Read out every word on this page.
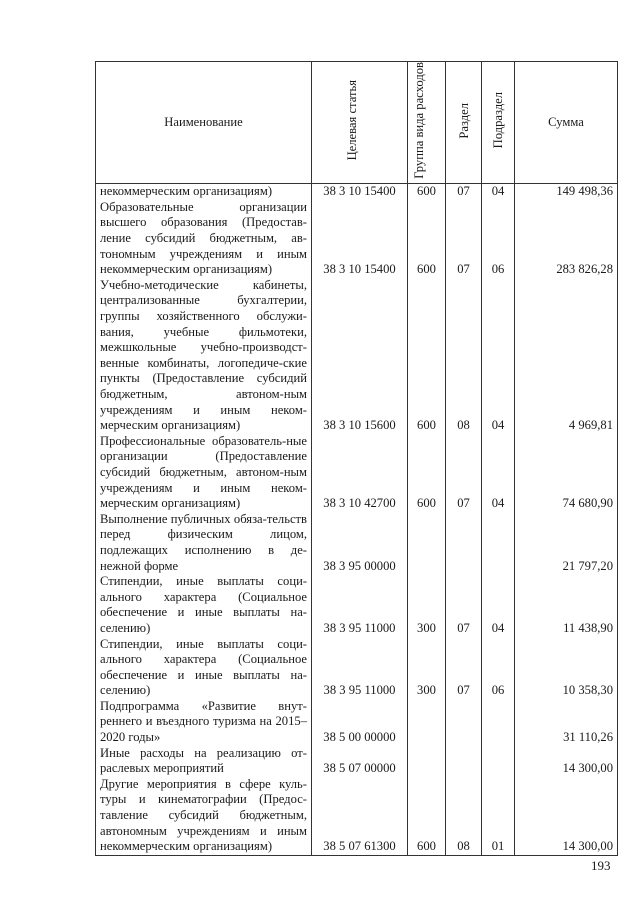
Наименование	Целевая статья	Группа вида расходов	Раздел	Подраздел	Сумма
некоммерческим организациям)	38 3 10 15400	600	07	04	149 498,36
Образовательные организации высшего образования (Предостав-ление субсидий бюджетным, ав-тономным учреждениям и иным некоммерческим организациям)	38 3 10 15400	600	07	06	283 826,28
Учебно-методические кабинеты, централизованные бухгалтерии, группы хозяйственного обслужи-вания, учебные фильмотеки, межшкольные учебно-производст-венные комбинаты, логопедиче-ские пункты (Предоставление субсидий бюджетным, автоном-ным учреждениям и иным неком-мерческим организациям)	38 3 10 15600	600	08	04	4 969,81
Профессиональные образователь-ные организации (Предоставление субсидий бюджетным, автоном-ным учреждениям и иным неком-мерческим организациям)	38 3 10 42700	600	07	04	74 680,90
Выполнение публичных обяза-тельств перед физическим лицом, подлежащих исполнению в де-нежной форме	38 3 95 00000				21 797,20
Стипендии, иные выплаты соци-ального характера (Социальное обеспечение и иные выплаты на-селению)	38 3 95 11000	300	07	04	11 438,90
Стипендии, иные выплаты соци-ального характера (Социальное обеспечение и иные выплаты на-селению)	38 3 95 11000	300	07	06	10 358,30
Подпрограмма «Развитие внут-реннего и въездного туризма на 2015–2020 годы»	38 5 00 00000				31 110,26
Иные расходы на реализацию от-раслевых мероприятий	38 5 07 00000				14 300,00
Другие мероприятия в сфере куль-туры и кинематографии (Предос-тавление субсидий бюджетным, автономным учреждениям и иным некоммерческим организациям)	38 5 07 61300	600	08	01	14 300,00
193
